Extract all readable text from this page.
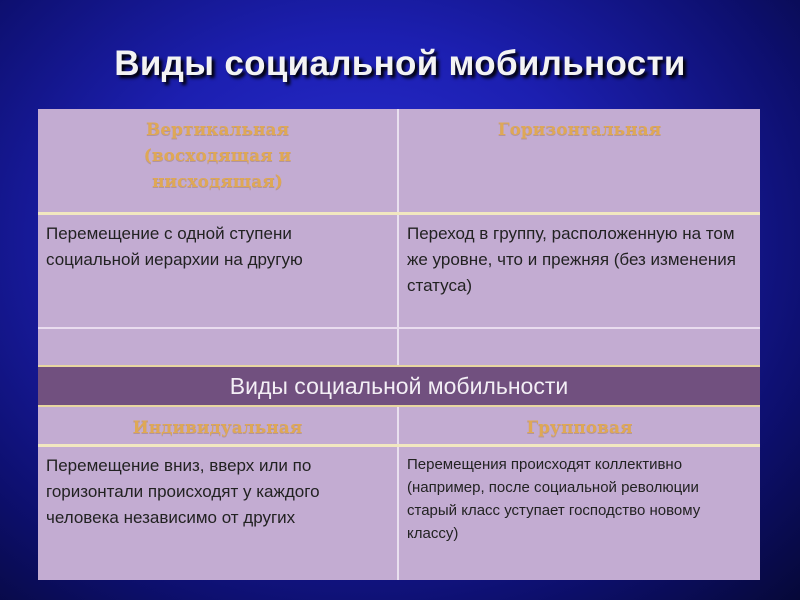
Виды социальной мобильности
Вертикальная (восходящая и нисходящая)
Горизонтальная
Перемещение с одной ступени социальной иерархии на другую
Переход в группу, расположенную на том же уровне, что и прежняя (без изменения статуса)
Виды социальной мобильности
Индивидуальная	Групповая
Перемещение вниз, вверх или по горизонтали происходят у каждого человека независимо от других
Перемещения происходят коллективно (например, после социальной революции старый класс уступает господство новому классу)
